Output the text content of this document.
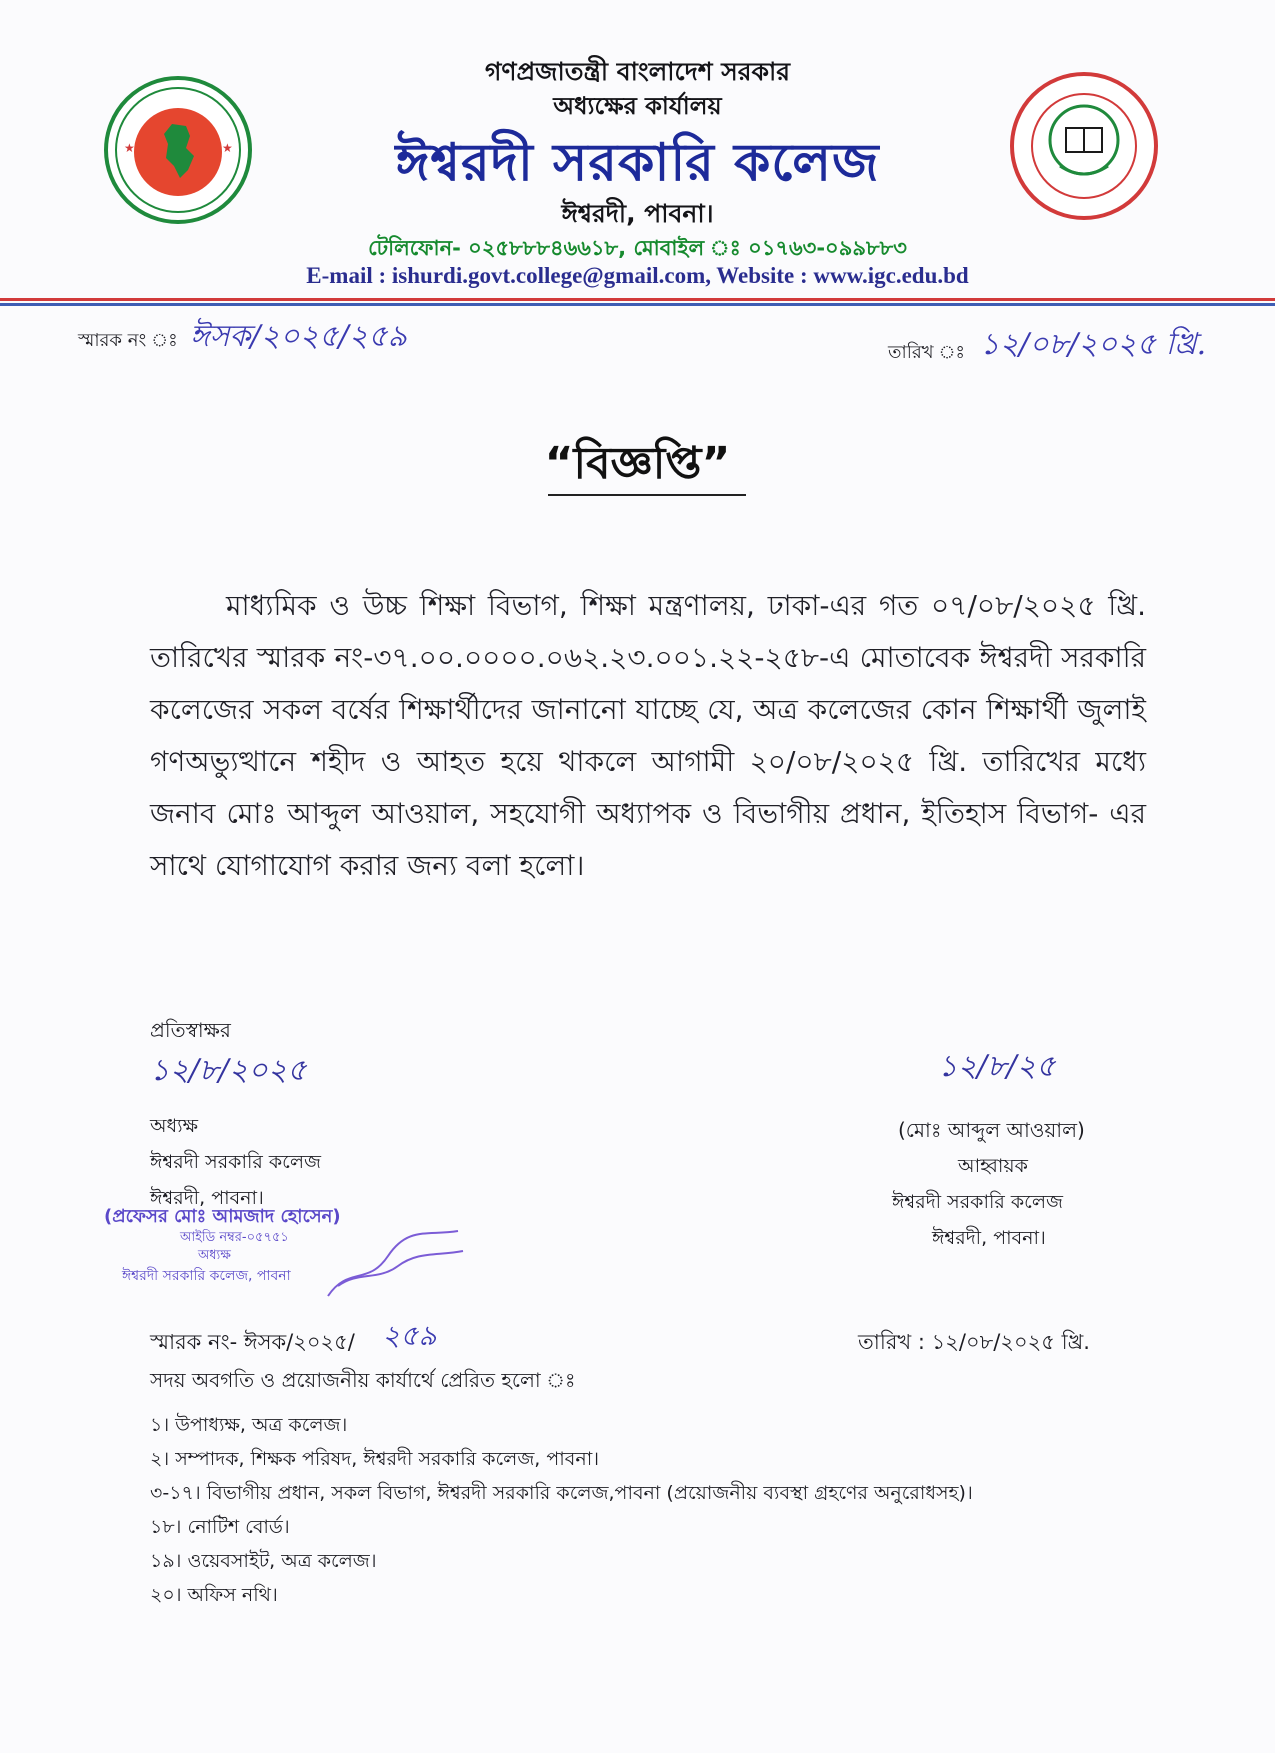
★	★
গণপ্রজাতন্ত্রী বাংলাদেশ সরকার
অধ্যক্ষের কার্যালয়
ঈশ্বরদী সরকারি কলেজ
ঈশ্বরদী, পাবনা।
টেলিফোন- ০২৫৮৮৮৪৬৬১৮, মোবাইল ঃ ০১৭৬৩-০৯৯৮৮৩
E-mail : ishurdi.govt.college@gmail.com, Website : www.igc.edu.bd
স্মারক নং ঃ ঈসক/২০২৫/২৫৯	তারিখ ঃ ১২/০৮/২০২৫ খ্রি.
“বিজ্ঞপ্তি”
মাধ্যমিক ও উচ্চ শিক্ষা বিভাগ, শিক্ষা মন্ত্রণালয়, ঢাকা-এর গত ০৭/০৮/২০২৫ খ্রি. তারিখের স্মারক নং-৩৭.০০.০০০০.০৬২.২৩.০০১.২২-২৫৮-এ মোতাবেক ঈশ্বরদী সরকারি কলেজের সকল বর্ষের শিক্ষার্থীদের জানানো যাচ্ছে যে, অত্র কলেজের কোন শিক্ষার্থী জুলাই গণঅভ্যুত্থানে শহীদ ও আহত হয়ে থাকলে আগামী ২০/০৮/২০২৫ খ্রি. তারিখের মধ্যে জনাব মোঃ আব্দুল আওয়াল, সহযোগী অধ্যাপক ও বিভাগীয় প্রধান, ইতিহাস বিভাগ- এর সাথে যোগাযোগ করার জন্য বলা হলো।
প্রতিস্বাক্ষর
১২/৮/২০২৫
অধ্যক্ষ
ঈশ্বরদী সরকারি কলেজ
ঈশ্বরদী, পাবনা।
(প্রফেসর মোঃ আমজাদ হোসেন)
আইডি নম্বর-০৫৭৫১
অধ্যক্ষ
ঈশ্বরদী সরকারি কলেজ, পাবনা
১২/৮/২৫
(মোঃ আব্দুল আওয়াল)
আহ্বায়ক
ঈশ্বরদী সরকারি কলেজ
ঈশ্বরদী, পাবনা।
স্মারক নং- ঈসক/২০২৫/ ২৫৯	তারিখ : ১২/০৮/২০২৫ খ্রি.
সদয় অবগতি ও প্রয়োজনীয় কার্যার্থে প্রেরিত হলো ঃ
১। উপাধ্যক্ষ, অত্র কলেজ।
২। সম্পাদক, শিক্ষক পরিষদ, ঈশ্বরদী সরকারি কলেজ, পাবনা।
৩-১৭। বিভাগীয় প্রধান, সকল বিভাগ, ঈশ্বরদী সরকারি কলেজ,পাবনা (প্রয়োজনীয় ব্যবস্থা গ্রহণের অনুরোধসহ)।
১৮। নোটিশ বোর্ড।
১৯। ওয়েবসাইট, অত্র কলেজ।
২০। অফিস নথি।
